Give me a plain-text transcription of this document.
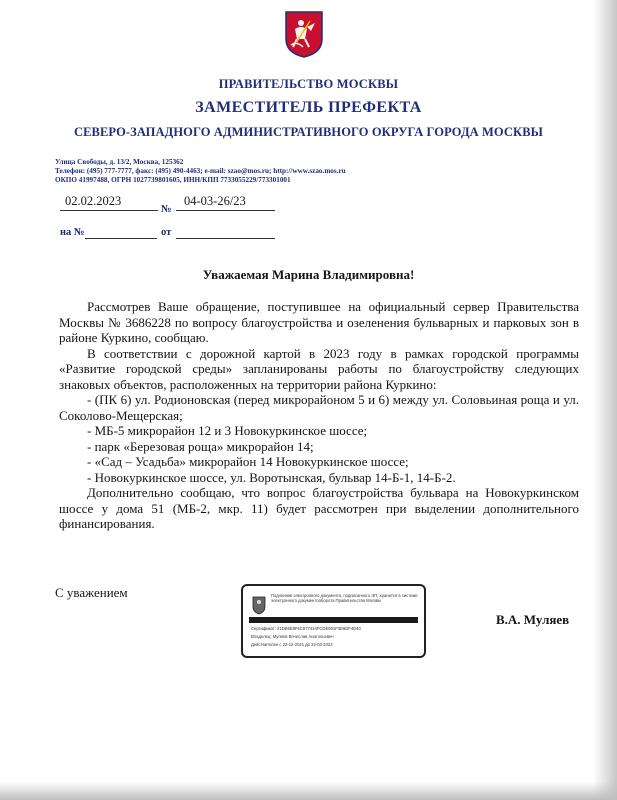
ПРАВИТЕЛЬСТВО МОСКВЫ
ЗАМЕСТИТЕЛЬ ПРЕФЕКТА
СЕВЕРО-ЗАПАДНОГО АДМИНИСТРАТИВНОГО ОКРУГА ГОРОДА МОСКВЫ
Улица Свободы, д. 13/2, Москва, 125362
Телефон: (495) 777-7777, факс: (495) 490-4463; e-mail: szao@mos.ru; http://www.szao.mos.ru
ОКПО 41997488, ОГРН 1027739801605, ИНН/КПП 7733055229/773301001
02.02.2023
№
04-03-26/23
на №	от
Уважаемая Марина Владимировна!

Рассмотрев Ваше обращение, поступившее на официальный сервер Правительства Москвы № 3686228 по вопросу благоустройства и озеленения бульварных и парковых зон в районе Куркино, сообщаю.

В соответствии с дорожной картой в 2023 году в рамках городской программы «Развитие городской среды» запланированы работы по благоустройству следующих знаковых объектов, расположенных на территории района Куркино:

- (ПК 6) ул. Родионовская (перед микрорайоном 5 и 6) между ул. Соловьиная роща и ул. Соколово-Мещерская;

- МБ-5 микрорайон 12 и 3 Новокуркинское шоссе;

- парк «Березовая роща» микрорайон 14;

- «Сад – Усадьба» микрорайон 14 Новокуркинское шоссе;

- Новокуркинское шоссе, ул. Воротынская, бульвар 14-Б-1, 14-Б-2.

Дополнительно сообщаю, что вопрос благоустройства бульвара на Новокуркинском шоссе у дома 51 (МБ-2, мкр. 11) будет рассмотрен при выделении дополнительного финансирования.

С уважением	Подлинник электронного документа, подписанного ЭП, хранится в системе электронного документооборота Правительства Москвы
Сертификат: 21DE6E6F6C677414FCDE901F3E6DF4D40
Владелец: Муляев Вячеслав Анатольевич
Действителен с 22-12-2021 до 22-03-2023
В.А. Муляев
